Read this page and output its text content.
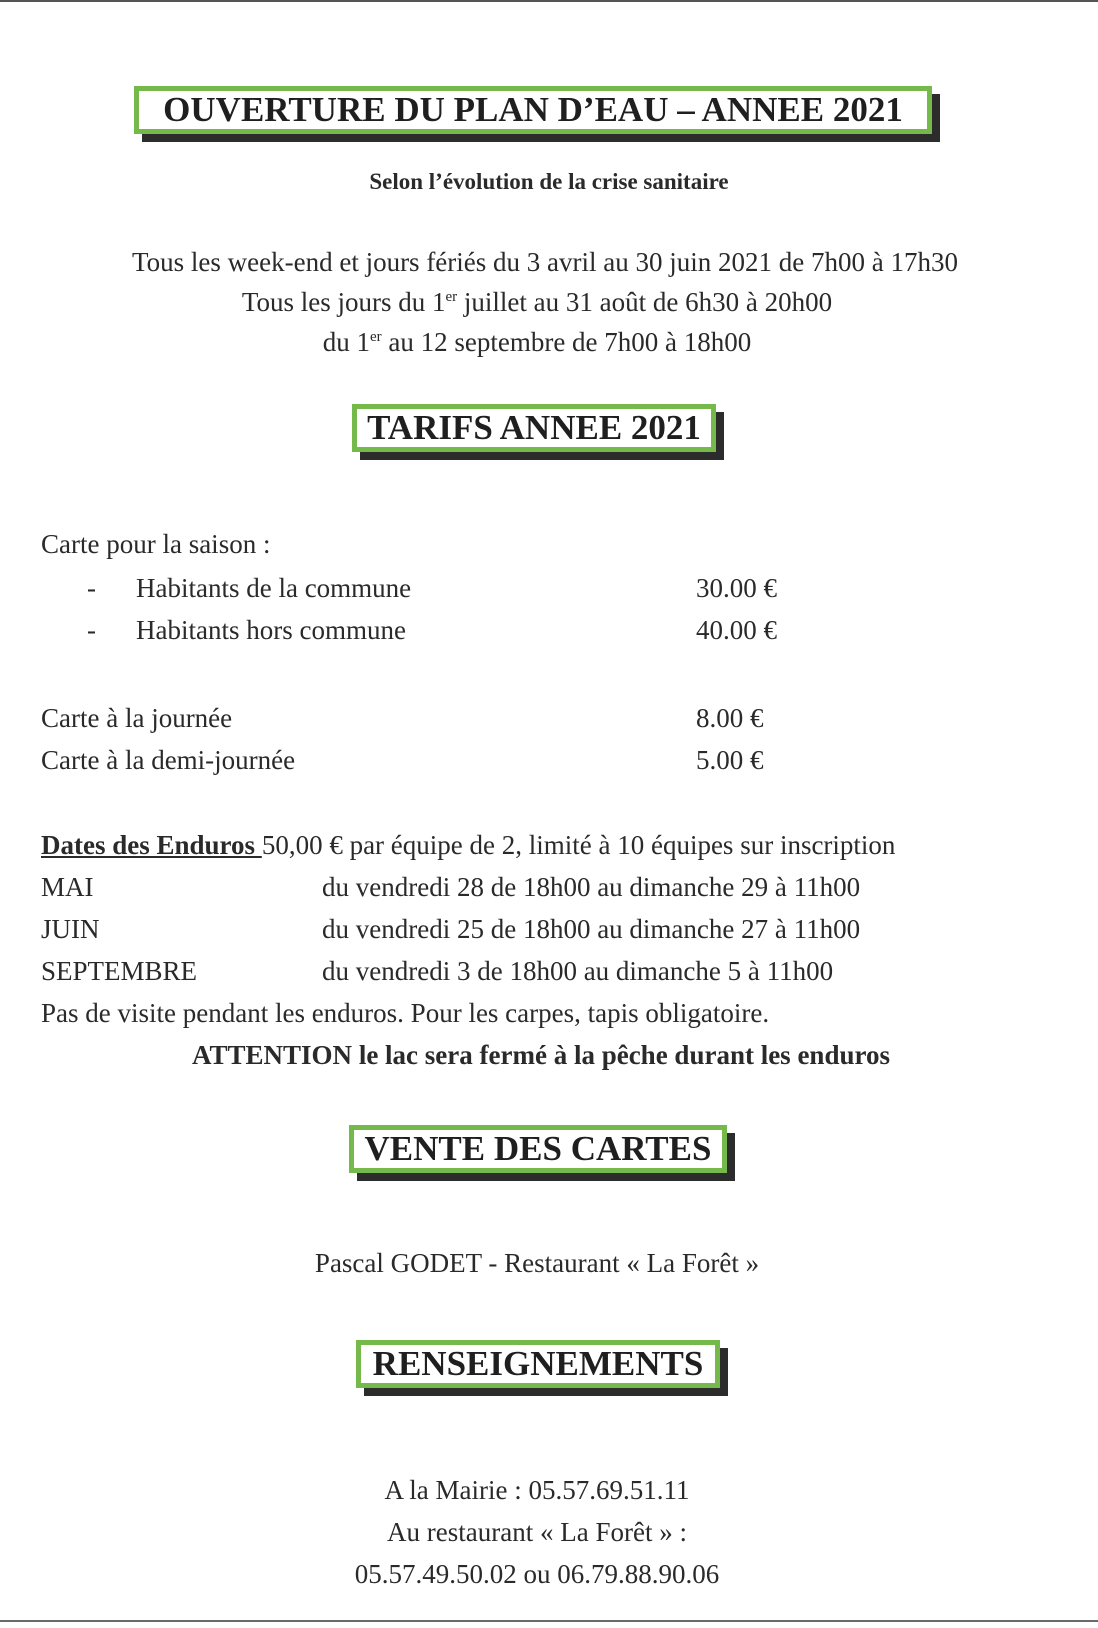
OUVERTURE DU PLAN D’EAU – ANNEE 2021
Selon l’évolution de la crise sanitaire
Tous les week-end et jours fériés du 3 avril au 30 juin 2021 de 7h00 à 17h30
Tous les jours du 1er juillet au 31 août de 6h30 à 20h00
du 1er au 12 septembre de 7h00 à 18h00
TARIFS ANNEE 2021
Carte pour la saison :
- Habitants de la commune	30.00 €
- Habitants hors commune	40.00 €
Carte à la journée	8.00 €
Carte à la demi-journée	5.00 €
Dates des Enduros 50,00 € par équipe de 2, limité à 10 équipes sur inscription
MAI	du vendredi 28 de 18h00 au dimanche 29 à 11h00
JUIN	du vendredi 25 de 18h00 au dimanche 27 à 11h00
SEPTEMBRE	du vendredi 3 de 18h00 au dimanche 5 à 11h00
Pas de visite pendant les enduros. Pour les carpes, tapis obligatoire.
ATTENTION le lac sera fermé à la pêche durant les enduros
VENTE DES CARTES
Pascal GODET - Restaurant « La Forêt »
RENSEIGNEMENTS
A la Mairie : 05.57.69.51.11
Au restaurant « La Forêt » :
05.57.49.50.02 ou 06.79.88.90.06
